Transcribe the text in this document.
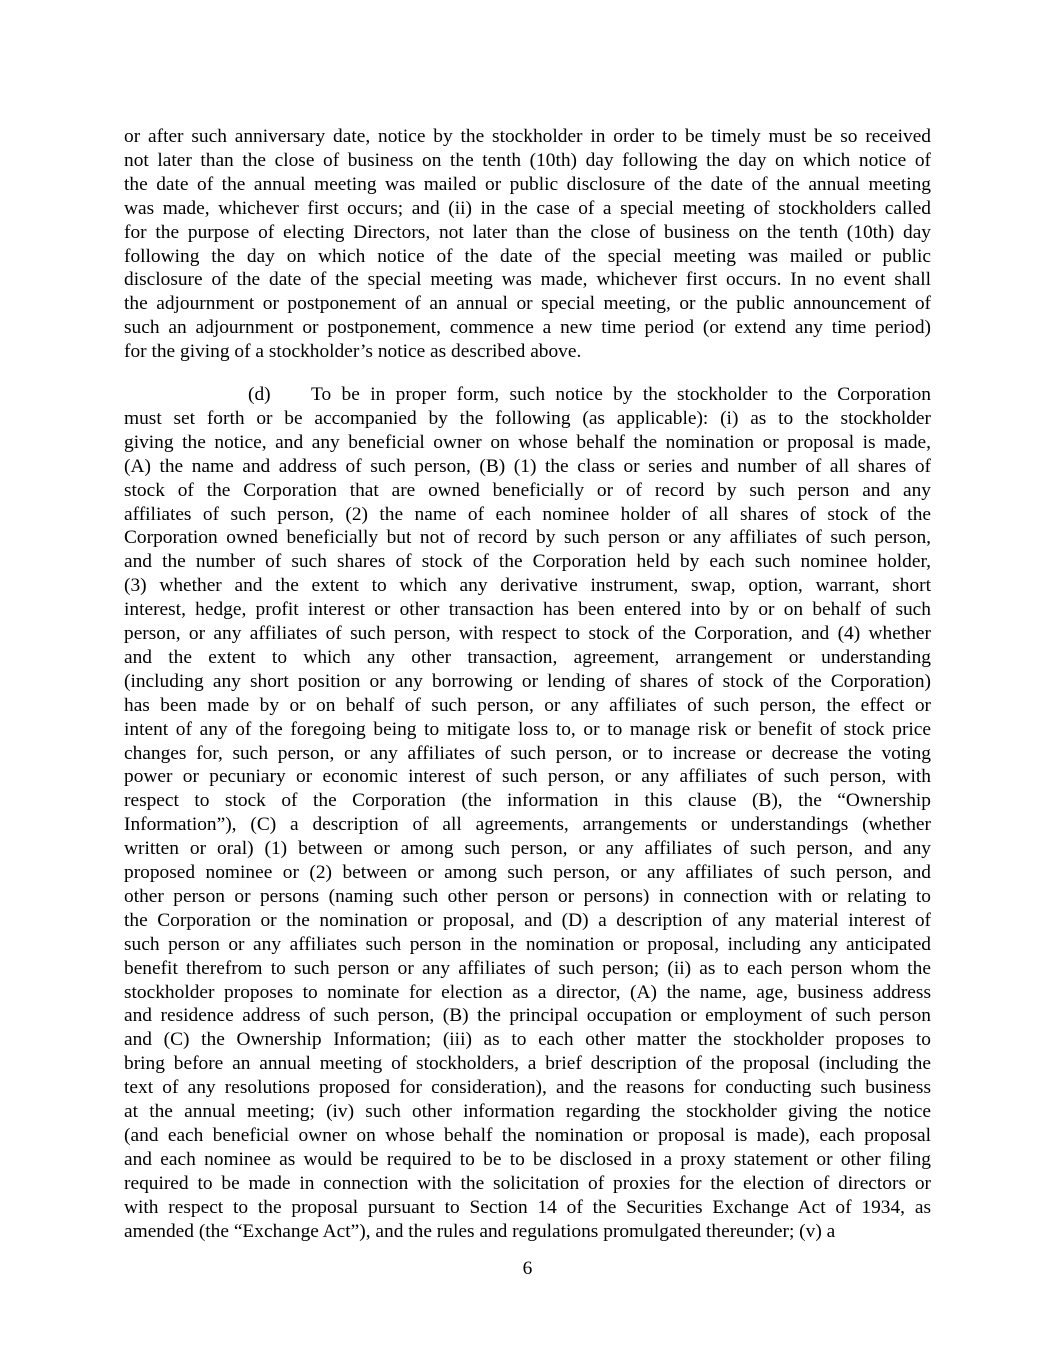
or after such anniversary date, notice by the stockholder in order to be timely must be so received
not later than the close of business on the tenth (10th) day following the day on which notice of
the date of the annual meeting was mailed or public disclosure of the date of the annual meeting
was made, whichever first occurs; and (ii) in the case of a special meeting of stockholders called
for the purpose of electing Directors, not later than the close of business on the tenth (10th) day
following the day on which notice of the date of the special meeting was mailed or public
disclosure of the date of the special meeting was made, whichever first occurs. In no event shall
the adjournment or postponement of an annual or special meeting, or the public announcement of
such an adjournment or postponement, commence a new time period (or extend any time period)
for the giving of a stockholder’s notice as described above.
To be in proper form, such notice by the stockholder to the Corporation
must set forth or be accompanied by the following (as applicable): (i) as to the stockholder
giving the notice, and any beneficial owner on whose behalf the nomination or proposal is made,
(A) the name and address of such person, (B) (1) the class or series and number of all shares of
stock of the Corporation that are owned beneficially or of record by such person and any
affiliates of such person, (2) the name of each nominee holder of all shares of stock of the
Corporation owned beneficially but not of record by such person or any affiliates of such person,
and the number of such shares of stock of the Corporation held by each such nominee holder,
(3) whether and the extent to which any derivative instrument, swap, option, warrant, short
interest, hedge, profit interest or other transaction has been entered into by or on behalf of such
person, or any affiliates of such person, with respect to stock of the Corporation, and (4) whether
and the extent to which any other transaction, agreement, arrangement or understanding
(including any short position or any borrowing or lending of shares of stock of the Corporation)
has been made by or on behalf of such person, or any affiliates of such person, the effect or
intent of any of the foregoing being to mitigate loss to, or to manage risk or benefit of stock price
changes for, such person, or any affiliates of such person, or to increase or decrease the voting
power or pecuniary or economic interest of such person, or any affiliates of such person, with
respect to stock of the Corporation (the information in this clause (B), the “Ownership
Information”), (C) a description of all agreements, arrangements or understandings (whether
written or oral) (1) between or among such person, or any affiliates of such person, and any
proposed nominee or (2) between or among such person, or any affiliates of such person, and
other person or persons (naming such other person or persons) in connection with or relating to
the Corporation or the nomination or proposal, and (D) a description of any material interest of
such person or any affiliates such person in the nomination or proposal, including any anticipated
benefit therefrom to such person or any affiliates of such person; (ii) as to each person whom the
stockholder proposes to nominate for election as a director, (A) the name, age, business address
and residence address of such person, (B) the principal occupation or employment of such person
and (C) the Ownership Information; (iii) as to each other matter the stockholder proposes to
bring before an annual meeting of stockholders, a brief description of the proposal (including the
text of any resolutions proposed for consideration), and the reasons for conducting such business
at the annual meeting; (iv) such other information regarding the stockholder giving the notice
(and each beneficial owner on whose behalf the nomination or proposal is made), each proposal
and each nominee as would be required to be to be disclosed in a proxy statement or other filing
required to be made in connection with the solicitation of proxies for the election of directors or
with respect to the proposal pursuant to Section 14 of the Securities Exchange Act of 1934, as
amended (the “Exchange Act”), and the rules and regulations promulgated thereunder; (v) a
(d)
6
